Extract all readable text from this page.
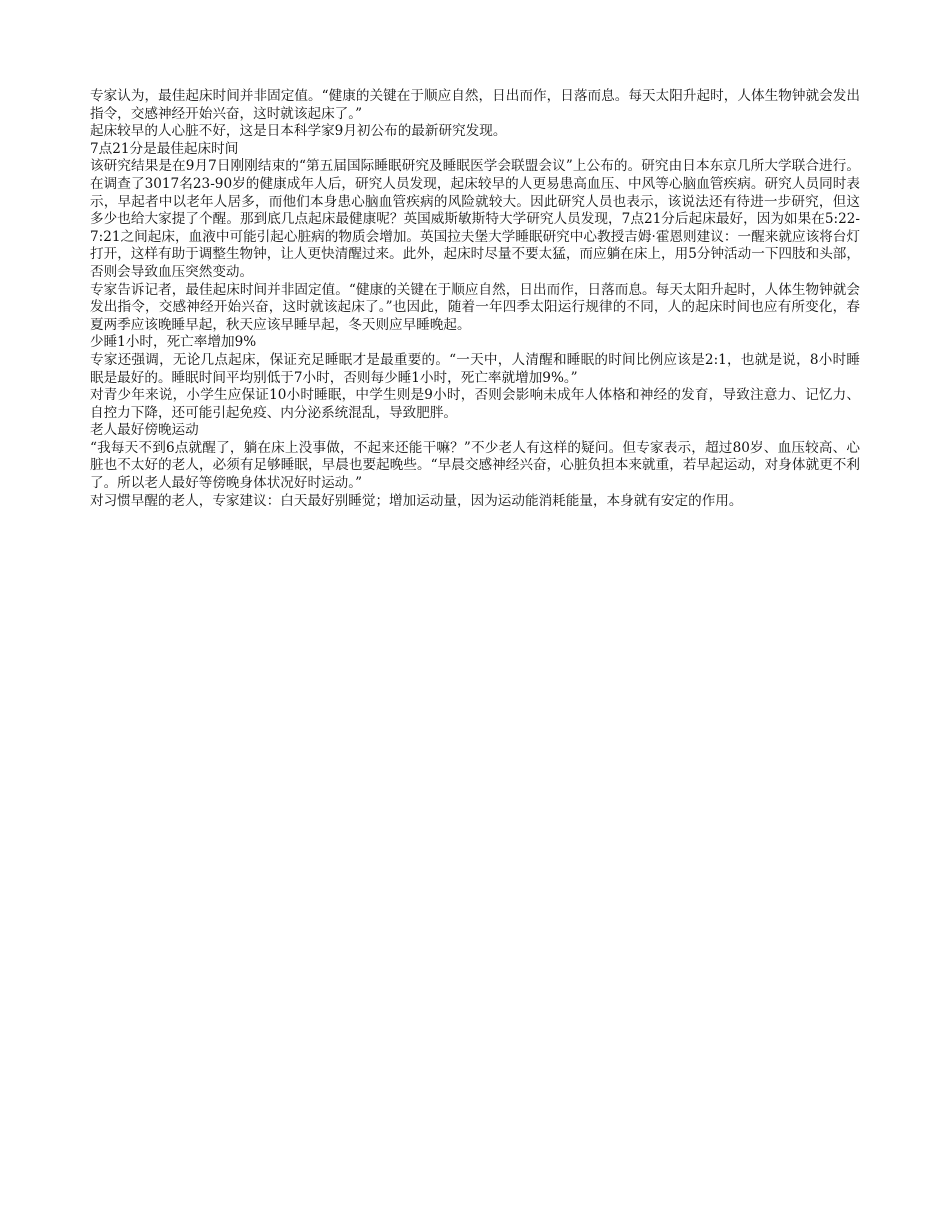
专家认为，最佳起床时间并非固定值。“健康的关键在于顺应自然，日出而作，日落而息。每天太阳升起时，人体生物钟就会发出指令，交感神经开始兴奋，这时就该起床了。”

起床较早的人心脏不好，这是日本科学家9月初公布的最新研究发现。

7点21分是最佳起床时间

该研究结果是在9月7日刚刚结束的“第五届国际睡眠研究及睡眠医学会联盟会议”上公布的。研究由日本东京几所大学联合进行。在调查了3017名23-90岁的健康成年人后，研究人员发现，起床较早的人更易患高血压、中风等心脑血管疾病。研究人员同时表示，早起者中以老年人居多，而他们本身患心脑血管疾病的风险就较大。因此研究人员也表示，该说法还有待进一步研究，但这多少也给大家提了个醒。那到底几点起床最健康呢？英国威斯敏斯特大学研究人员发现，7点21分后起床最好，因为如果在5:22-7:21之间起床，血液中可能引起心脏病的物质会增加。英国拉夫堡大学睡眠研究中心教授吉姆·霍恩则建议：一醒来就应该将台灯打开，这样有助于调整生物钟，让人更快清醒过来。此外，起床时尽量不要太猛，而应躺在床上，用5分钟活动一下四肢和头部，否则会导致血压突然变动。

专家告诉记者，最佳起床时间并非固定值。“健康的关键在于顺应自然，日出而作，日落而息。每天太阳升起时，人体生物钟就会发出指令，交感神经开始兴奋，这时就该起床了。”也因此，随着一年四季太阳运行规律的不同，人的起床时间也应有所变化，春夏两季应该晚睡早起，秋天应该早睡早起，冬天则应早睡晚起。

少睡1小时，死亡率增加9%

专家还强调，无论几点起床，保证充足睡眠才是最重要的。“一天中，人清醒和睡眠的时间比例应该是2:1，也就是说，8小时睡眠是最好的。睡眠时间平均别低于7小时，否则每少睡1小时，死亡率就增加9%。”

对青少年来说，小学生应保证10小时睡眠，中学生则是9小时，否则会影响未成年人体格和神经的发育，导致注意力、记忆力、自控力下降，还可能引起免疫、内分泌系统混乱，导致肥胖。

老人最好傍晚运动

“我每天不到6点就醒了，躺在床上没事做，不起来还能干嘛？”不少老人有这样的疑问。但专家表示，超过80岁、血压较高、心脏也不太好的老人，必须有足够睡眠，早晨也要起晚些。“早晨交感神经兴奋，心脏负担本来就重，若早起运动，对身体就更不利了。所以老人最好等傍晚身体状况好时运动。”

对习惯早醒的老人，专家建议：白天最好别睡觉；增加运动量，因为运动能消耗能量，本身就有安定的作用。
